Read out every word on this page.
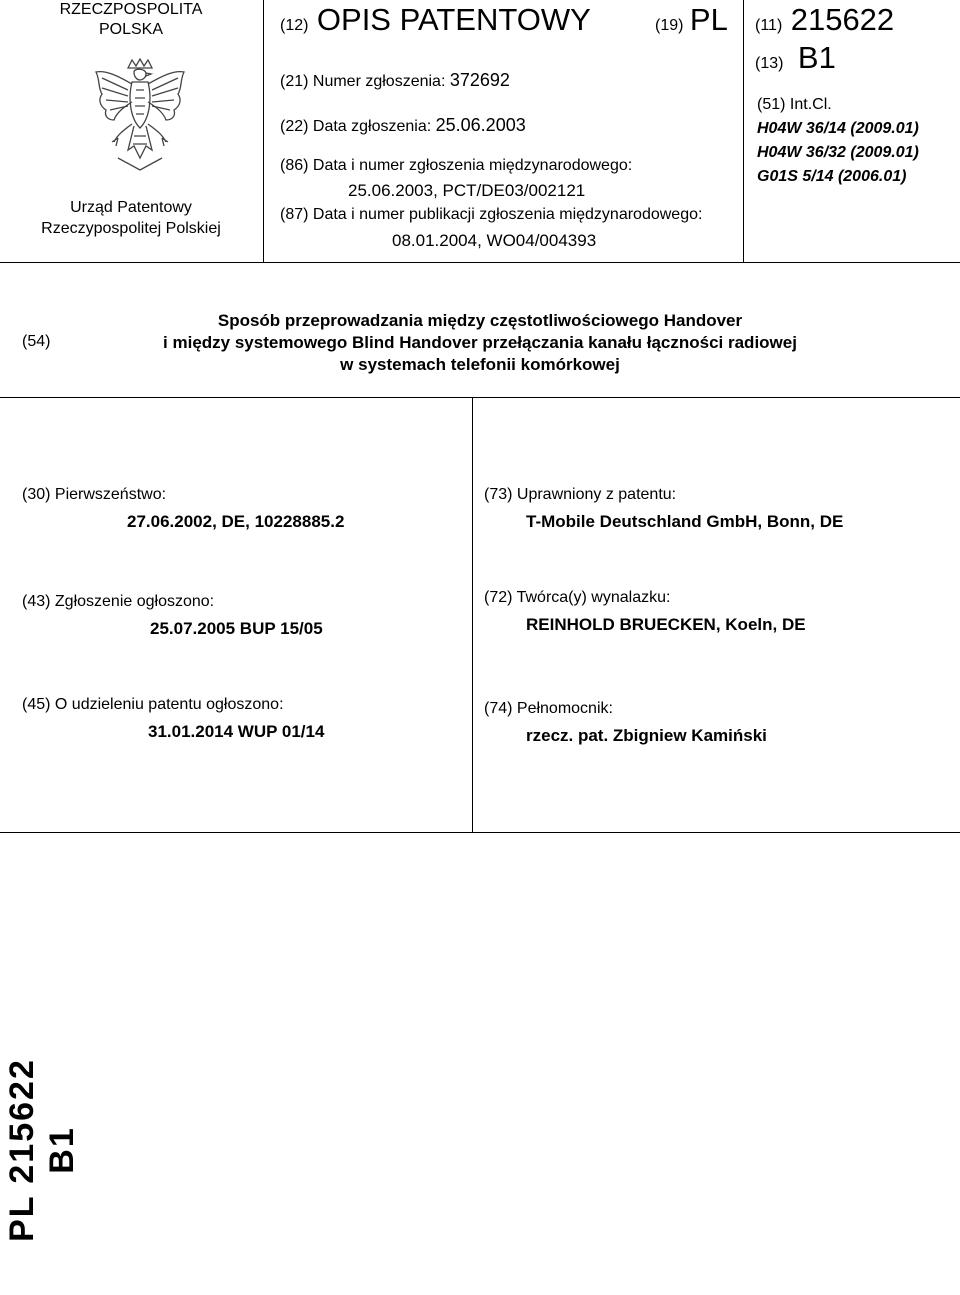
RZECZPOSPOLITA
POLSKA
Urząd Patentowy
Rzeczypospolitej Polskiej
(12) OPIS PATENTOWY	(19) PL
(21) Numer zgłoszenia: 372692
(22) Data zgłoszenia: 25.06.2003
(86) Data i numer zgłoszenia międzynarodowego:
25.06.2003, PCT/DE03/002121
(87) Data i numer publikacji zgłoszenia międzynarodowego:
08.01.2004, WO04/004393
(11) 215622
(13) B1
(51) Int.Cl.
H04W 36/14 (2009.01)
H04W 36/32 (2009.01)
G01S 5/14 (2006.01)
(54)
Sposób przeprowadzania między częstotliwościowego Handover
i między systemowego Blind Handover przełączania kanału łączności radiowej
w systemach telefonii komórkowej
(30) Pierwszeństwo:
27.06.2002, DE, 10228885.2
(43) Zgłoszenie ogłoszono:
25.07.2005 BUP 15/05
(45) O udzieleniu patentu ogłoszono:
31.01.2014 WUP 01/14
(73) Uprawniony z patentu:
T-Mobile Deutschland GmbH, Bonn, DE
(72) Twórca(y) wynalazku:
REINHOLD BRUECKEN, Koeln, DE
(74) Pełnomocnik:
rzecz. pat. Zbigniew Kamiński
PL 215622 B1
